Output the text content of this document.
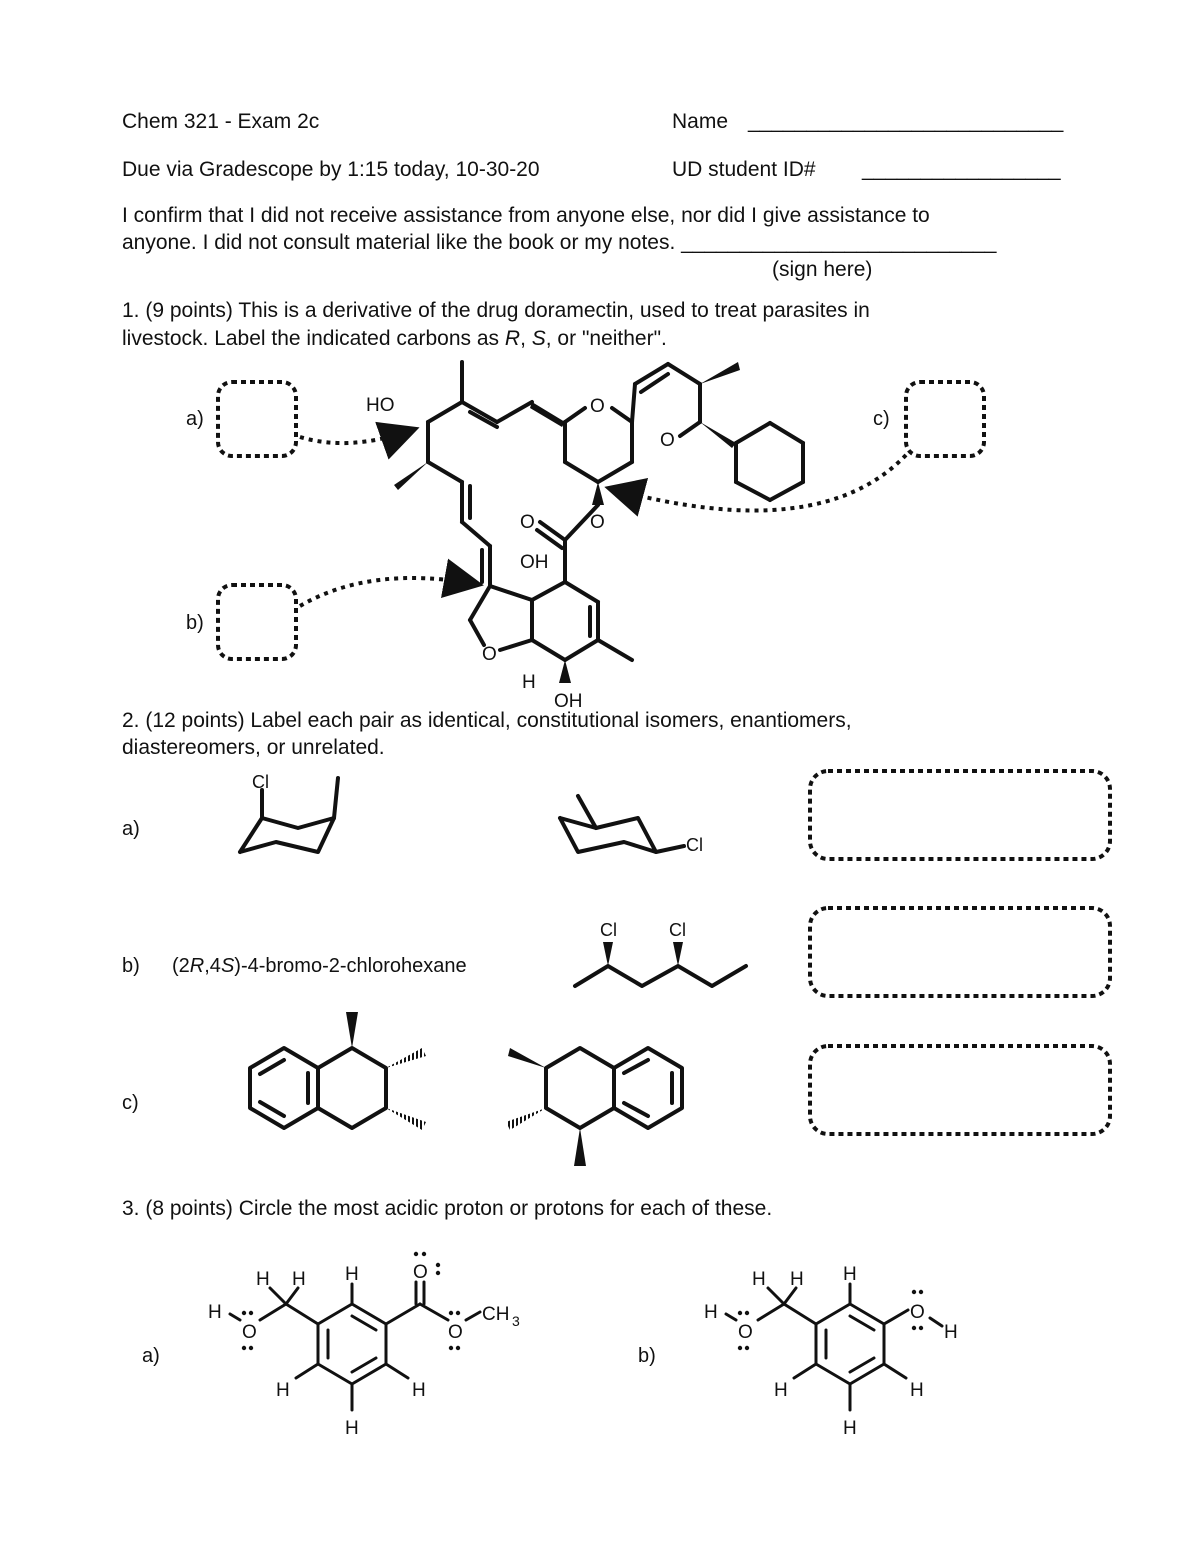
Chem 321 - Exam 2c	Name ___________________________
Due via Gradescope by 1:15 today, 10-30-20	UD student ID# _________________
I confirm that I did not receive assistance from anyone else, nor did I give assistance to
anyone. I did not consult material like the book or my notes. ___________________________
(sign here)
1. (9 points) This is a derivative of the drug doramectin, used to treat parasites in
livestock. Label the indicated carbons as R, S, or "neither".
a)
b)
c)
2. (12 points) Label each pair as identical, constitutional isomers, enantiomers,
diastereomers, or unrelated.
a)
b) (2R,4S)-4-bromo-2-chlorohexane
c)
3. (8 points) Circle the most acidic proton or protons for each of these.
a)	b)
HO	O
O
O	O
OH
O
H
OH
Cl
Cl
Cl	Cl
H H H
H
O
O
O
CH 3
H	H
H
H H H
H
O
O
H
H	H
H
